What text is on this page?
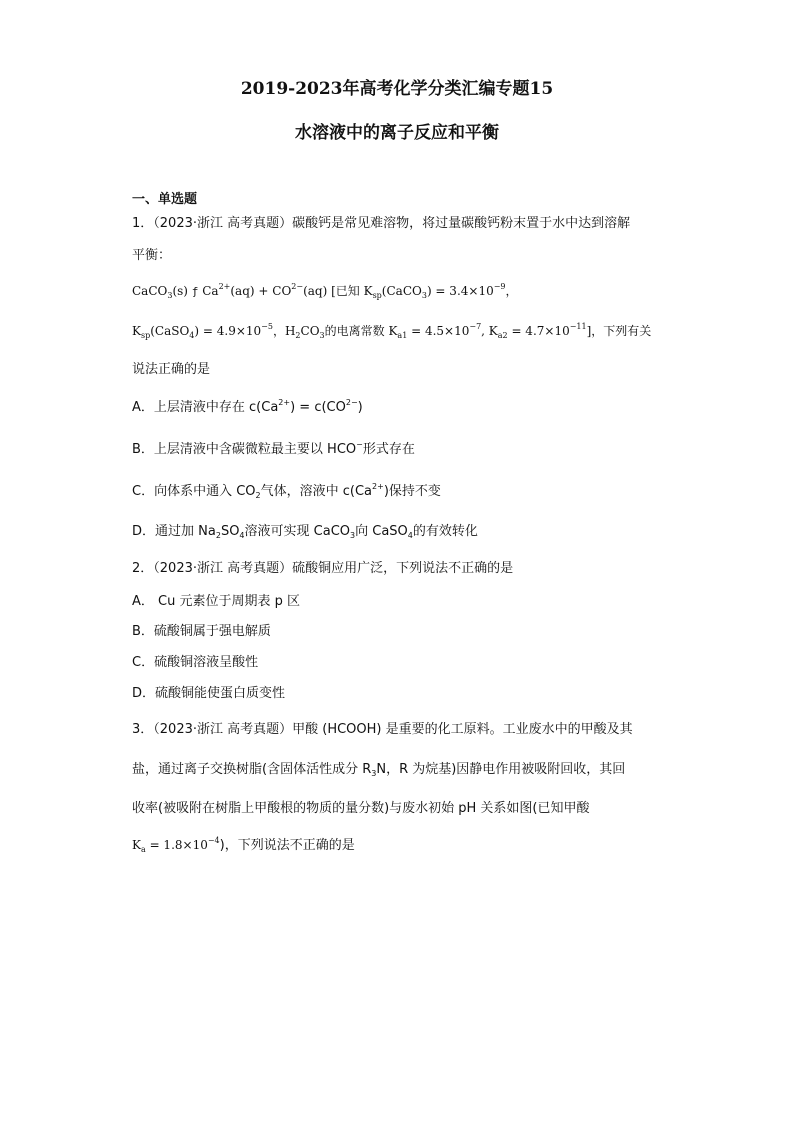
2019-2023年高考化学分类汇编专题15
水溶液中的离子反应和平衡
一、单选题
1．（2023·浙江 高考真题）碳酸钙是常见难溶物，将过量碳酸钙粉末置于水中达到溶解
平衡：
CaCO$_3$(s) ƒ $Ca^{2+}(aq) + CO^{2-}(aq)$ [已知 $K_{sp}(CaCO_3) = 3.4\times 10^{-9}$，
$K_{sp}(CaSO_4) = 4.9\times 10^{-5}$，$H_2CO_3$的电离常数 $K_{a1} = 4.5\times 10^{-7}$, $K_{a2} = 4.7\times 10^{-11}$]，下列有关
说法正确的是
A．上层清液中存在 $c(Ca^{2+}) = c(CO^{2-})$
B．上层清液中含碳微粒最主要以 HCO−形式存在
C．向体系中通入 $CO_2$气体，溶液中 $c(Ca^{2+})$保持不变
D．通过加 $Na_2SO_4$溶液可实现 CaCO$_3$向 CaSO$_4$的有效转化
2．（2023·浙江 高考真题）硫酸铜应用广泛，下列说法不正确的是
A． Cu 元素位于周期表 p 区
B．硫酸铜属于强电解质
C．硫酸铜溶液呈酸性
D．硫酸铜能使蛋白质变性
3．（2023·浙江 高考真题）甲酸 (HCOOH) 是重要的化工原料。工业废水中的甲酸及其
盐，通过离子交换树脂(含固体活性成分 $R_3N$，R 为烷基)因静电作用被吸附回收，其回
收率(被吸附在树脂上甲酸根的物质的量分数)与废水初始 pH 关系如图(已知甲酸
$K_a = 1.8\times 10^{-4}$)，下列说法不正确的是
